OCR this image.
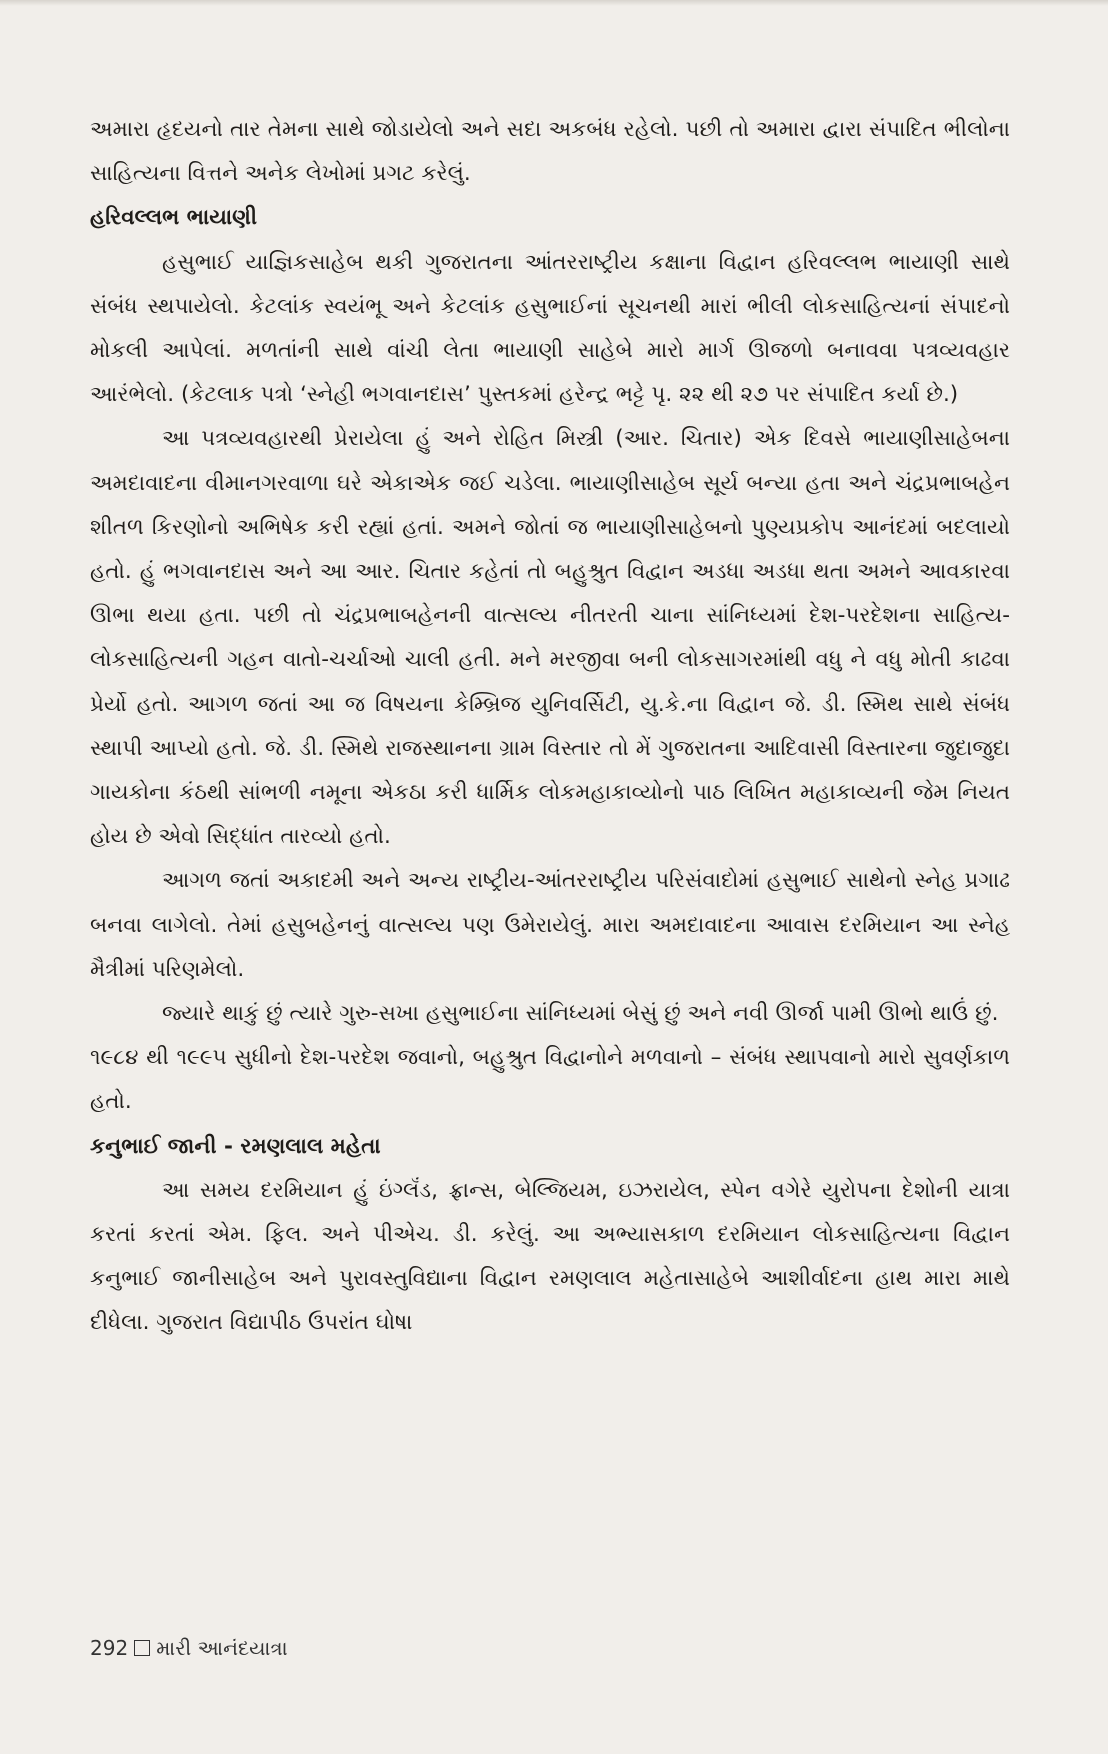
અમારા હૃદયનો તાર તેમના સાથે જોડાયેલો અને સદા અકબંધ રહેલો. પછી તો અમારા દ્વારા સંપાદિત ભીલોના સાહિત્યના વિત્તને અનેક લેખોમાં પ્રગટ કરેલું.

હરિવલ્લભ ભાયાણી

હસુભાઈ યાજ્ઞિકસાહેબ થકી ગુજરાતના આંતરરાષ્ટ્રીય કક્ષાના વિદ્વાન હરિવલ્લભ ભાયાણી સાથે સંબંધ સ્થપાયેલો. કેટલાંક સ્વયંભૂ અને કેટલાંક હસુભાઈનાં સૂચનથી મારાં ભીલી લોકસાહિત્યનાં સંપાદનો મોકલી આપેલાં. મળતાંની સાથે વાંચી લેતા ભાયાણી સાહેબે મારો માર્ગ ઊજળો બનાવવા પત્રવ્યવહાર આરંભેલો. (કેટલાક પત્રો ‘સ્નેહી ભગવાનદાસ’ પુસ્તકમાં હરેન્દ્ર ભટ્ટે પૃ. ૨૨ થી ૨૭ પર સંપાદિત કર્યા છે.)

આ પત્રવ્યવહારથી પ્રેરાયેલા હું અને રોહિત મિસ્ત્રી (આર. ચિતાર) એક દિવસે ભાયાણીસાહેબના અમદાવાદના વીમાનગરવાળા ઘરે એકાએક જઈ ચડેલા. ભાયાણીસાહેબ સૂર્ય બન્યા હતા અને ચંદ્રપ્રભાબહેન શીતળ કિરણોનો અભિષેક કરી રહ્યાં હતાં. અમને જોતાં જ ભાયાણીસાહેબનો પુણ્યપ્રકોપ આનંદમાં બદલાયો હતો. હું ભગવાનદાસ અને આ આર. ચિતાર કહેતાં તો બહુશ્રુત વિદ્વાન અડધા અડધા થતા અમને આવકારવા ઊભા થયા હતા. પછી તો ચંદ્રપ્રભાબહેનની વાત્સલ્ય નીતરતી ચાના સાંનિધ્યમાં દેશ-પરદેશના સાહિત્ય-લોકસાહિત્યની ગહન વાતો-ચર્ચાઓ ચાલી હતી. મને મરજીવા બની લોકસાગરમાંથી વધુ ને વધુ મોતી કાઢવા પ્રેર્યો હતો. આગળ જતાં આ જ વિષયના કેમ્બ્રિજ યુનિવર્સિટી, યુ.કે.ના વિદ્વાન જે. ડી. સ્મિથ સાથે સંબંધ સ્થાપી આપ્યો હતો. જે. ડી. સ્મિથે રાજસ્થાનના ગ્રામ વિસ્તાર તો મેં ગુજરાતના આદિવાસી વિસ્તારના જુદાજુદા ગાયકોના કંઠથી સાંભળી નમૂના એકઠા કરી ધાર્મિક લોકમહાકાવ્યોનો પાઠ લિખિત મહાકાવ્યની જેમ નિયત હોય છે એવો સિદ્ધાંત તારવ્યો હતો.

આગળ જતાં અકાદમી અને અન્ય રાષ્ટ્રીય-આંતરરાષ્ટ્રીય પરિસંવાદોમાં હસુભાઈ સાથેનો સ્નેહ પ્રગાઢ બનવા લાગેલો. તેમાં હસુબહેનનું વાત્સલ્ય પણ ઉમેરાયેલું. મારા અમદાવાદના આવાસ દરમિયાન આ સ્નેહ મૈત્રીમાં પરિણમેલો.

જ્યારે થાકું છું ત્યારે ગુરુ-સખા હસુભાઈના સાંનિધ્યમાં બેસું છું અને નવી ઊર્જા પામી ઊભો થાઉં છું.

૧૯૮૪ થી ૧૯૯૫ સુધીનો દેશ-પરદેશ જવાનો, બહુશ્રુત વિદ્વાનોને મળવાનો – સંબંધ સ્થાપવાનો મારો સુવર્ણકાળ હતો.

કનુભાઈ જાની - રમણલાલ મહેતા

આ સમય દરમિયાન હું ઇંગ્લૅંડ, ફ્રાન્સ, બેલ્જિયમ, ઇઝરાયેલ, સ્પેન વગેરે યુરોપના દેશોની યાત્રા કરતાં કરતાં એમ. ફિલ. અને પીએચ. ડી. કરેલું. આ અભ્યાસકાળ દરમિયાન લોકસાહિત્યના વિદ્વાન કનુભાઈ જાનીસાહેબ અને પુરાવસ્તુવિદ્યાના વિદ્વાન રમણલાલ મહેતાસાહેબે આશીર્વાદના હાથ મારા માથે દીધેલા. ગુજરાત વિદ્યાપીઠ ઉપરાંત ઘોષા

292 મારી આનંદયાત્રા
